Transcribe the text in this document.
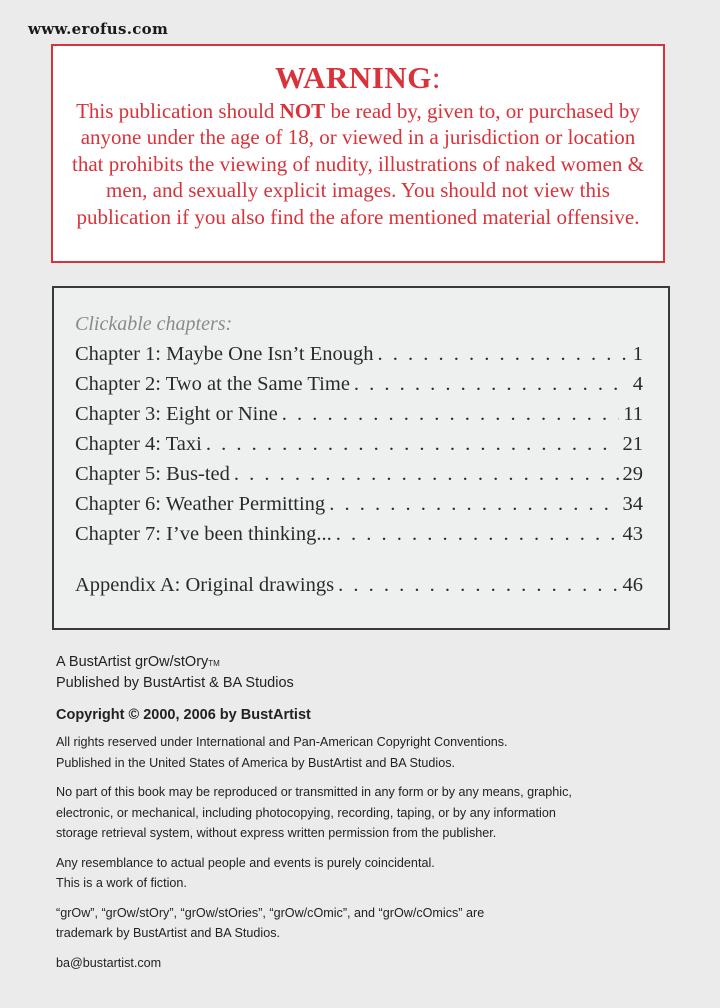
www.erofus.com
WARNING:
This publication should NOT be read by, given to, or purchased by anyone under the age of 18, or viewed in a jurisdiction or location that prohibits the viewing of nudity, illustrations of naked women & men, and sexually explicit images. You should not view this publication if you also find the afore mentioned material offensive.
Clickable chapters:
Chapter 1: Maybe One Isn’t Enough . . .	1
Chapter 2: Two at the Same Time . . .	4
Chapter 3: Eight or Nine . . .	11
Chapter 4: Taxi . . .	21
Chapter 5: Bus-ted . . .	29
Chapter 6: Weather Permitting . . .	34
Chapter 7: I’ve been thinking... . . .	43
Appendix A: Original drawings . . .	46

A BustArtist grOw/stOry™

Published by BustArtist & BA Studios

Copyright © 2000, 2006 by BustArtist

All rights reserved under International and Pan-American Copyright Conventions.

Published in the United States of America by BustArtist and BA Studios.

No part of this book may be reproduced or transmitted in any form or by any means, graphic,

electronic, or mechanical, including photocopying, recording, taping, or by any information

storage retrieval system, without express written permission from the publisher.

Any resemblance to actual people and events is purely coincidental.

This is a work of fiction.

“grOw”, “grOw/stOry”, “grOw/stOries”, “grOw/cOmic”, and “grOw/cOmics” are

trademark by BustArtist and BA Studios.

ba@bustartist.com
